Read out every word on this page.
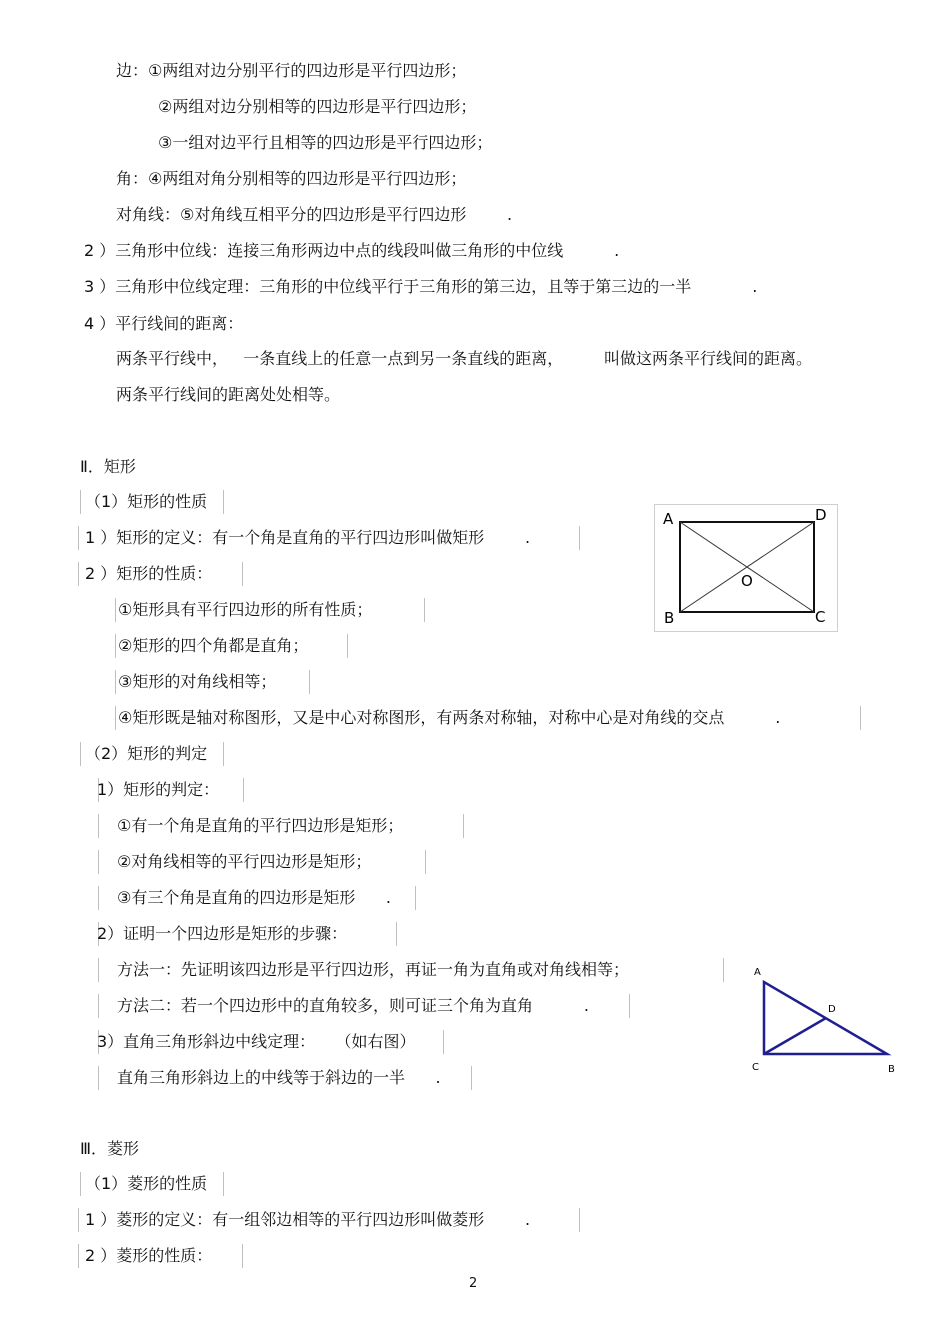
边：①两组对边分别平行的四边形是平行四边形；
②两组对边分别相等的四边形是平行四边形；
③一组对边平行且相等的四边形是平行四边形；
角：④两组对角分别相等的四边形是平行四边形；
对角线：⑤对角线互相平分的四边形是平行四边形        .
2 ）三角形中位线：连接三角形两边中点的线段叫做三角形的中位线          .
3 ）三角形中位线定理：三角形的中位线平行于三角形的第三边，且等于第三边的一半            .
4 ）平行线间的距离：
两条平行线中，   一条直线上的任意一点到另一条直线的距离，        叫做这两条平行线间的距离。
两条平行线间的距离处处相等。
Ⅱ．矩形
（1）矩形的性质
1 ）矩形的定义：有一个角是直角的平行四边形叫做矩形        .
2 ）矩形的性质：
①矩形具有平行四边形的所有性质；
②矩形的四个角都是直角；
③矩形的对角线相等；
④矩形既是轴对称图形，又是中心对称图形，有两条对称轴，对称中心是对角线的交点          .
（2）矩形的判定
1）矩形的判定：
①有一个角是直角的平行四边形是矩形；
②对角线相等的平行四边形是矩形；
③有三个角是直角的四边形是矩形      .
2）证明一个四边形是矩形的步骤：
方法一：先证明该四边形是平行四边形，再证一角为直角或对角线相等；
方法二：若一个四边形中的直角较多，则可证三个角为直角          .
3）直角三角形斜边中线定理：    （如右图）
直角三角形斜边上的中线等于斜边的一半      .
Ⅲ．菱形
（1）菱形的性质
1 ）菱形的定义：有一组邻边相等的平行四边形叫做菱形        .
2 ）菱形的性质：
A	D
B	C
O
A
D
C	B
2
